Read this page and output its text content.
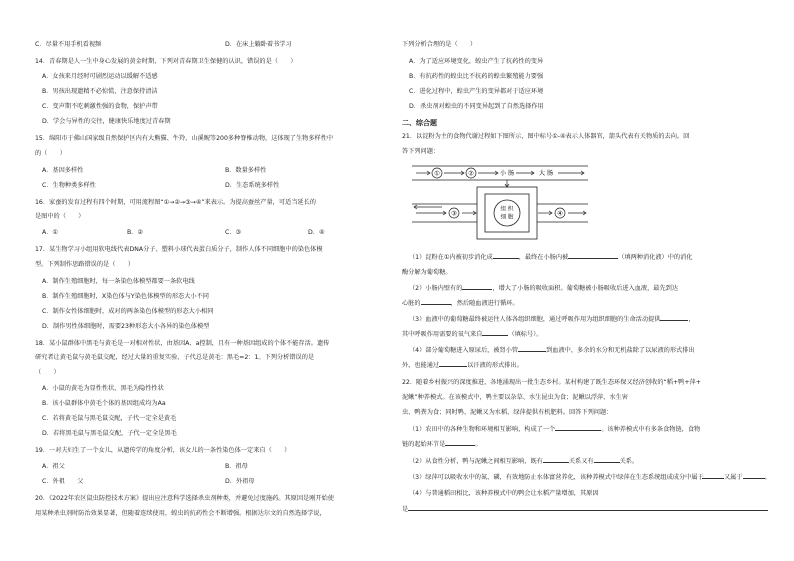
C．尽量不用手机看视频	D．在床上躺卧着书学习
14．青春期是人一生中身心发展的黄金时期，下列对青春期卫生保健的认识，错误的是（　　）
A．女孩来月经时可剧烈运动以缓解不适感
B．男孩出现遗精不必惊慌，注意保持清洁
C．变声期不吃刺激性强的食物，保护声带
D．学会与异性的交往，健康快乐地度过青春期
15．绵阳市于佛山国家级自然保护区内有大熊猫、牛羚、山溪鲵等200多种脊椎动物，这体现了生物多样性中
的（　　）
A．基因多样性	B．数量多样性
C．生物种类多样性	D．生态系统多样性
16．家蚕的发育过程有四个时期，可用流程图“①→②→③→④”来表示。为提高蚕丝产量，可适当延长的
是图中的（　　）
A．①	B．②	C．③	D．④
17．某生物学习小组用软电线代表DNA分子、塑料小球代表蛋白质分子，制作人体不同细胞中的染色体模
型。下列制作思路错误的是（　　）
A．制作生殖细胞时，每一条染色体模型都要一条软电线
B．制作生殖细胞时，X染色体与Y染色体模型的形态大小不同
C．制作女性体细胞时，成对的两条染色体模型的形态大小相同
D．制作男性体细胞时，需要23种形态大小各异的染色体模型
18．某小鼠群体中黑毛与黄毛是一对相对性状，由基因A、a控制，且有一种基因组成的个体不能存活。遗传
研究者让黄毛鼠与黄毛鼠交配，经过大量的重复实验，子代总是黄毛：黑毛=2：1。下列分析错误的是
（　　）
A．小鼠的黄毛为显性性状，黑毛为隐性性状
B．该小鼠群体中黄毛个体的基因组成均为Aa
C．若将黄毛鼠与黑毛鼠交配，子代一定全是黄毛
D．若将黑毛鼠与黑毛鼠交配，子代一定全是黑毛
19．一对夫妇生了一个女儿，从遗传学的角度分析，该女儿的一条性染色体一定来自（　　）
A．祖父	B．祖母
C．外祖　　父	D．外祖母
20．《2022年农区鼠虫防控技术方案》提出应注意科学选择杀虫剂种类，并避免过度施药。其原因是刚开始使
用某种杀虫剂时防治效果显著，但随着连续使用，蝗虫的抗药性会不断增强。根据达尔文的自然选择学说，
下列分析合理的是（　　）
A．为了适应环境变化，蝗虫产生了抗药性的变异
B．有抗药性的蝗虫比不抗药的蝗虫繁殖能力要强
C．进化过程中，蝗虫产生的变异都对于适应环境
D．杀虫剂对蝗虫的不同变异起到了自然选择作用
二、综合题
21．以淀粉为主的食物代谢过程如下图所示，图中标号①-④表示人体器官，箭头代表有关物质的去向。回
答下列问题：
①	②	小 肠	大 肠
组 织
细 胞
③	④
（1）淀粉在①内被初步消化成	，最终在小肠内被	（填两种消化液）中的消化
酶分解为葡萄糖。
（2）小肠内壁有的	，增大了小肠的吸收面积。葡萄糖被小肠吸收后进入血液，最先到达
心脏的	，然后随血液进行循环。
（3）血液中的葡萄糖最终被运往人体各组织细胞，通过呼吸作用为组织细胞的生命活动提供	，
其中呼吸作用需要的氧气来自	（填标号）。
（4）部分葡萄糖进入原尿后，被肾小管	到血液中，多余的水分和无机盐除了以尿液的形式排出
外，也能通过	以汗液的形式排出。
22．随着乡村振兴的深度推进，各地涌现出一批生态乡村。某村构建了既生态环保又经济创收的“稻+鸭+萍+
泥鳅”种养模式。在该模式中，鸭主要以杂草、水生昆虫为食；泥鳅以浮萍、水生害
虫、鸭粪为食；同时鸭、泥鳅又为水稻、绿萍提供有机肥料。回答下列问题：
（1）农田中的各种生物和环境相互影响，构成了一个	。该种养模式中有多条食物链，食物
链的起始环节是	。
（2）从食性分析，鸭与泥鳅之间相互影响，既有	关系又有	关系。
（3）绿萍可以吸收水中的氮、磷，有效地防止水体富营养化，该种养模式中绿萍在生态系统组成成分中属于	又属于	。
（4）与普通稻田相比，该种养模式中的鸭会让水稻产量增加，其原因
是
